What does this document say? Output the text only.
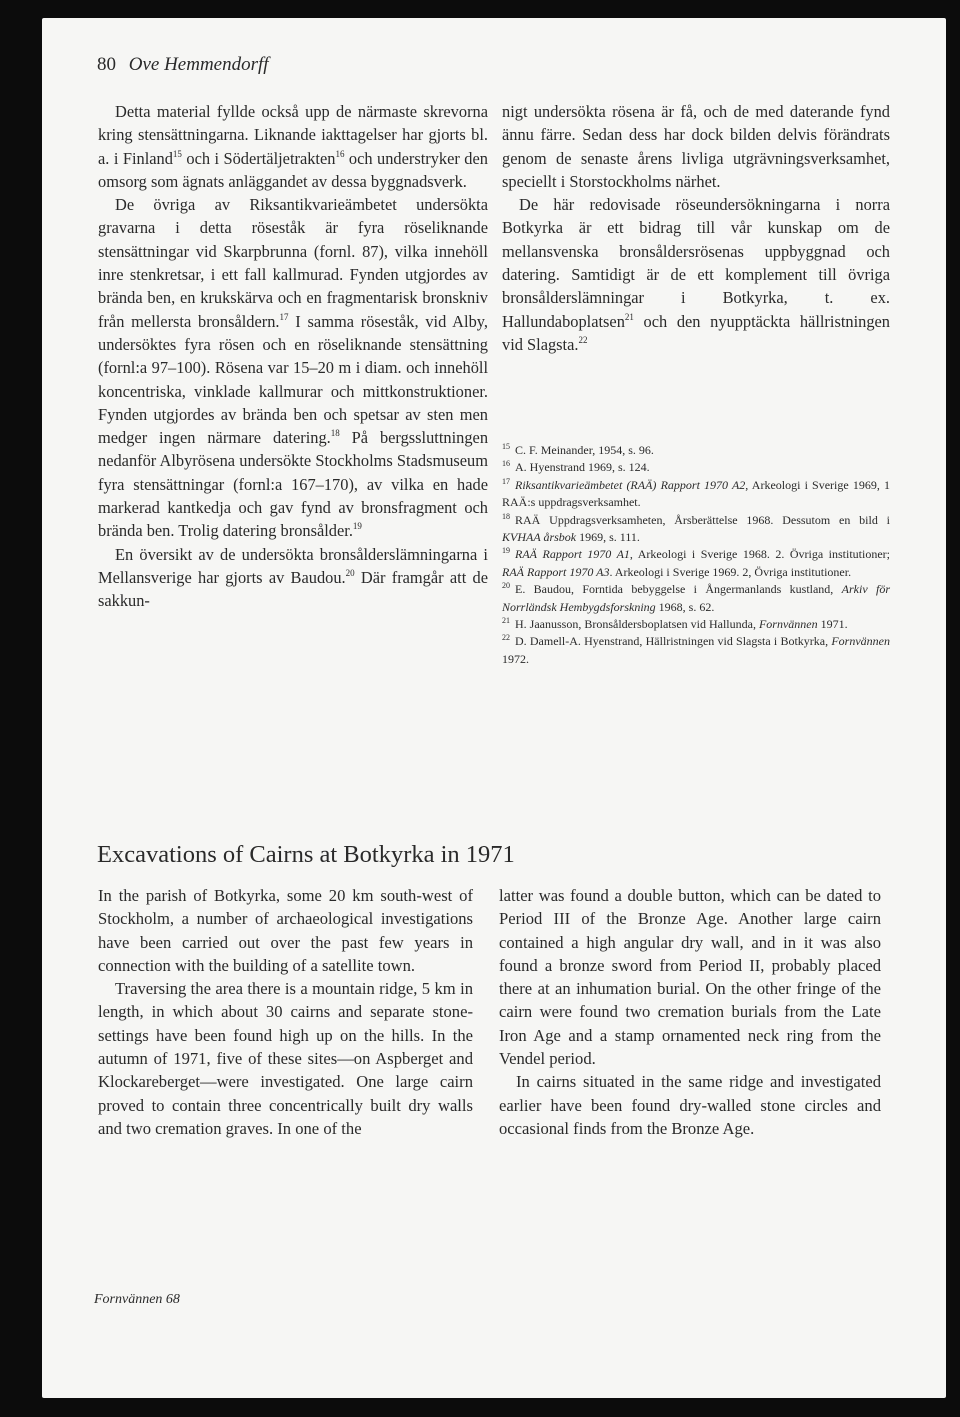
80 Ove Hemmendorff

Detta material fyllde också upp de närmaste skrevorna kring stensättningarna. Liknande iakttagelser har gjorts bl. a. i Finland$^{15}$ och i Södertäljetrakten$^{16}$ och understryker den omsorg som ägnats anläggandet av dessa byggnadsverk.

De övriga av Riksantikvarieämbetet undersökta gravarna i detta röseståk är fyra röseliknande stensättningar vid Skarpbrunna (fornl. 87), vilka innehöll inre stenkretsar, i ett fall kallmurad. Fynden utgjordes av brända ben, en krukskärva och en fragmentarisk bronskniv från mellersta bronsåldern.$^{17}$ I samma röseståk, vid Alby, undersöktes fyra rösen och en röseliknande stensättning (fornl:a 97–100). Rösena var 15–20 m i diam. och innehöll koncentriska, vinklade kallmurar och mittkonstruktioner. Fynden utgjordes av brända ben och spetsar av sten men medger ingen närmare datering.$^{18}$ På bergssluttningen nedanför Albyrösena undersökte Stockholms Stadsmuseum fyra stensättningar (fornl:a 167–170), av vilka en hade markerad kantkedja och gav fynd av bronsfragment och brända ben. Trolig datering bronsålder.$^{19}$

En översikt av de undersökta bronsålderslämningarna i Mellansverige har gjorts av Baudou.$^{20}$ Där framgår att de sakkun-

nigt undersökta rösena är få, och de med daterande fynd ännu färre. Sedan dess har dock bilden delvis förändrats genom de senaste årens livliga utgrävningsverksamhet, speciellt i Storstockholms närhet.

De här redovisade röseundersökningarna i norra Botkyrka är ett bidrag till vår kunskap om de mellansvenska bronsåldersrösenas uppbyggnad och datering. Samtidigt är de ett komplement till övriga bronsålderslämningar i Botkyrka, t. ex. Hallundaboplatsen$^{21}$ och den nyupptäckta hällristningen vid Slagsta.$^{22}$

$^{15}$ C. F. Meinander, 1954, s. 96.

$^{16}$ A. Hyenstrand 1969, s. 124.

$^{17}$ Riksantikvarieämbetet (RAÄ) Rapport 1970 A2, Arkeologi i Sverige 1969, 1 RAÄ:s uppdragsverksamhet.

$^{18}$ RAÄ Uppdragsverksamheten, Årsberättelse 1968. Dessutom en bild i KVHAA årsbok 1969, s. 111.

$^{19}$ RAÄ Rapport 1970 A1, Arkeologi i Sverige 1968. 2. Övriga institutioner; RAÄ Rapport 1970 A3. Arkeologi i Sverige 1969. 2, Övriga institutioner.

$^{20}$ E. Baudou, Forntida bebyggelse i Ångermanlands kustland, Arkiv för Norrländsk Hembygdsforskning 1968, s. 62.

$^{21}$ H. Jaanusson, Bronsåldersboplatsen vid Hallunda, Fornvännen 1971.

$^{22}$ D. Damell-A. Hyenstrand, Hällristningen vid Slagsta i Botkyrka, Fornvännen 1972.

Excavations of Cairns at Botkyrka in 1971

In the parish of Botkyrka, some 20 km south-west of Stockholm, a number of archaeological investigations have been carried out over the past few years in connection with the building of a satellite town.

Traversing the area there is a mountain ridge, 5 km in length, in which about 30 cairns and separate stone-settings have been found high up on the hills. In the autumn of 1971, five of these sites—on Aspberget and Klockareberget—were investigated. One large cairn proved to contain three concentrically built dry walls and two cremation graves. In one of the

latter was found a double button, which can be dated to Period III of the Bronze Age. Another large cairn contained a high angular dry wall, and in it was also found a bronze sword from Period II, probably placed there at an inhumation burial. On the other fringe of the cairn were found two cremation burials from the Late Iron Age and a stamp ornamented neck ring from the Vendel period.

In cairns situated in the same ridge and investigated earlier have been found dry-walled stone circles and occasional finds from the Bronze Age.

Fornvännen 68
